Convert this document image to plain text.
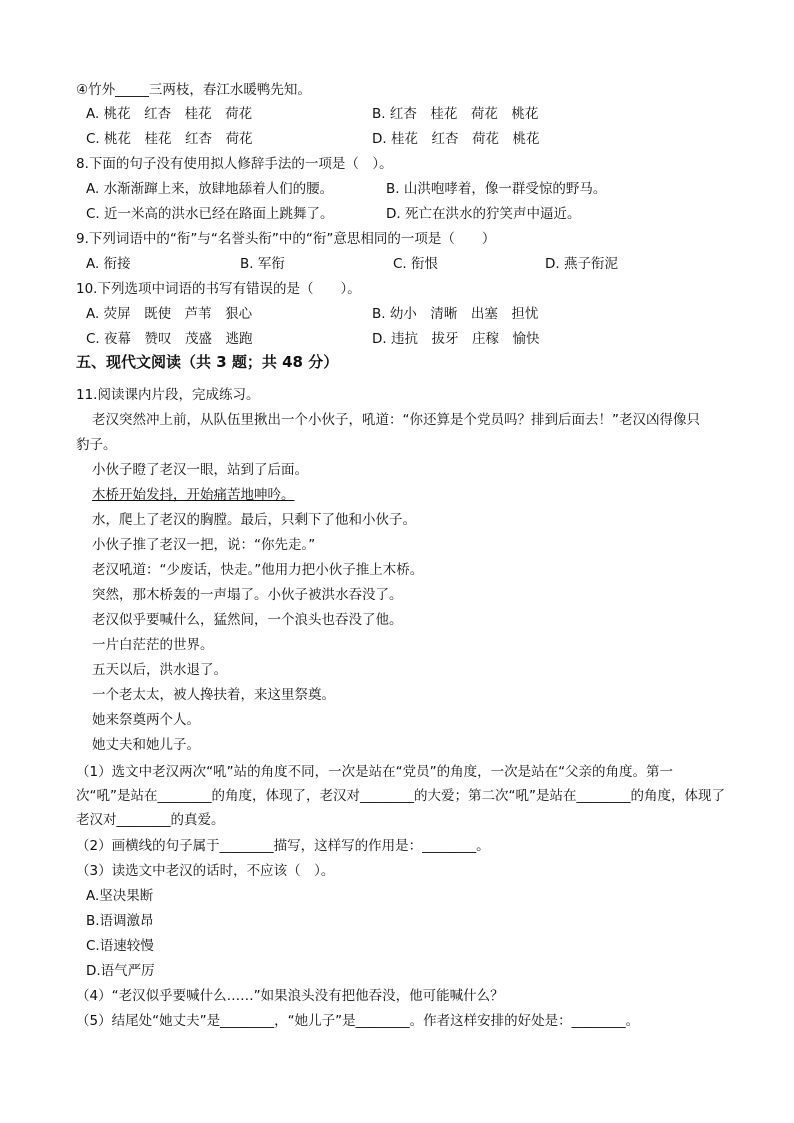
④竹外_____三两枝，春江水暖鸭先知。
A. 桃花　红杏　桂花　荷花	B. 红杏　桂花　荷花　桃花
C. 桃花　桂花　红杏　荷花	D. 桂花　红杏　荷花　桃花
8.下面的句子没有使用拟人修辞手法的一项是（　）。
A. 水渐渐蹿上来，放肆地舔着人们的腰。	B. 山洪咆哮着，像一群受惊的野马。
C. 近一米高的洪水已经在路面上跳舞了。	D. 死亡在洪水的狞笑声中逼近。
9.下列词语中的“衔”与“名誉头衔”中的“衔”意思相同的一项是（　　）
A. 衔接	B. 军衔	C. 衔恨	D. 燕子衔泥
10.下列选项中词语的书写有错误的是（　　）。
A. 荧屏　既使　芦苇　狠心	B. 幼小　清晰　出塞　担忧
C. 夜幕　赞叹　茂盛　逃跑	D. 违抗　拔牙　庄稼　愉快
五、现代文阅读（共 3 题；共 48 分）
11.阅读课内片段，完成练习。
老汉突然冲上前，从队伍里揪出一个小伙子，吼道：“你还算是个党员吗？排到后面去！”老汉凶得像只
豹子。
小伙子瞪了老汉一眼，站到了后面。
木桥开始发抖，开始痛苦地呻吟。
水，爬上了老汉的胸膛。最后，只剩下了他和小伙子。
小伙子推了老汉一把，说：“你先走。”
老汉吼道：“少废话，快走。”他用力把小伙子推上木桥。
突然，那木桥轰的一声塌了。小伙子被洪水吞没了。
老汉似乎要喊什么，猛然间，一个浪头也吞没了他。
一片白茫茫的世界。
五天以后，洪水退了。
一个老太太，被人搀扶着，来这里祭奠。
她来祭奠两个人。
她丈夫和她儿子。
（1）选文中老汉两次“吼”站的角度不同，一次是站在“党员”的角度，一次是站在“父亲的角度。第一次“吼”是站在________的角度，体现了，老汉对________的大爱；第二次“吼”是站在________的角度，体现了老汉对________的真爱。
（2）画横线的句子属于________描写，这样写的作用是：________。
（3）读选文中老汉的话时，不应该（　）。
A.坚决果断
B.语调激昂
C.语速较慢
D.语气严厉
（4）“老汉似乎要喊什么……”如果浪头没有把他吞没，他可能喊什么？
（5）结尾处“她丈夫”是________，“她儿子”是________。作者这样安排的好处是：________。
